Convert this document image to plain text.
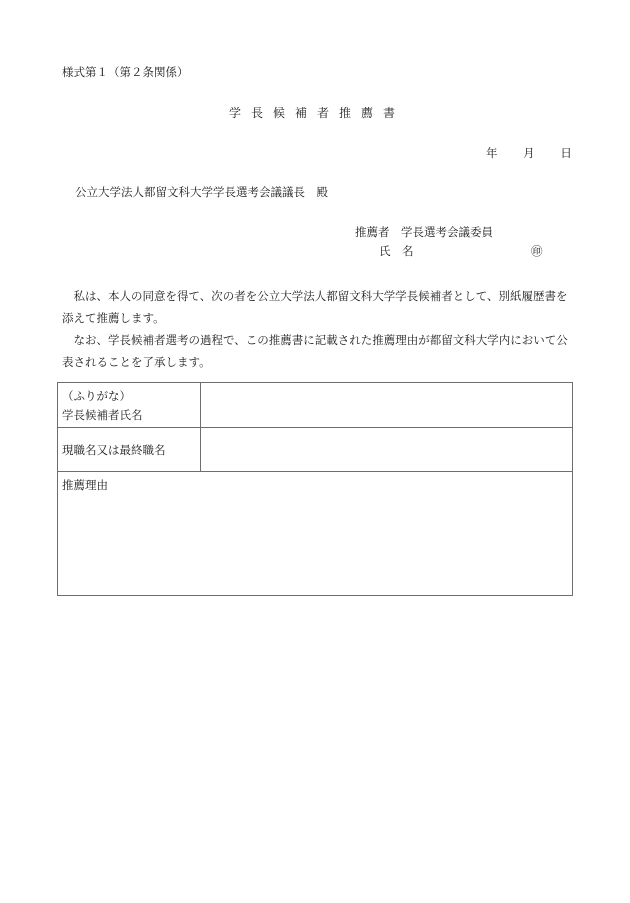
様式第１（第２条関係）
学長候補者推薦書
年 月 日
公立大学法人都留文科大学学長選考会議議長　殿
推薦者 学長選考会議委員
氏　名	㊞
私は、本人の同意を得て、次の者を公立大学法人都留文科大学学長候補者として、別紙履歴書を添えて推薦します。
なお、学長候補者選考の過程で、この推薦書に記載された推薦理由が都留文科大学内において公表されることを了承します。
（ふりがな）
学長候補者氏名	

現職名又は最終職名	

推薦理由	
